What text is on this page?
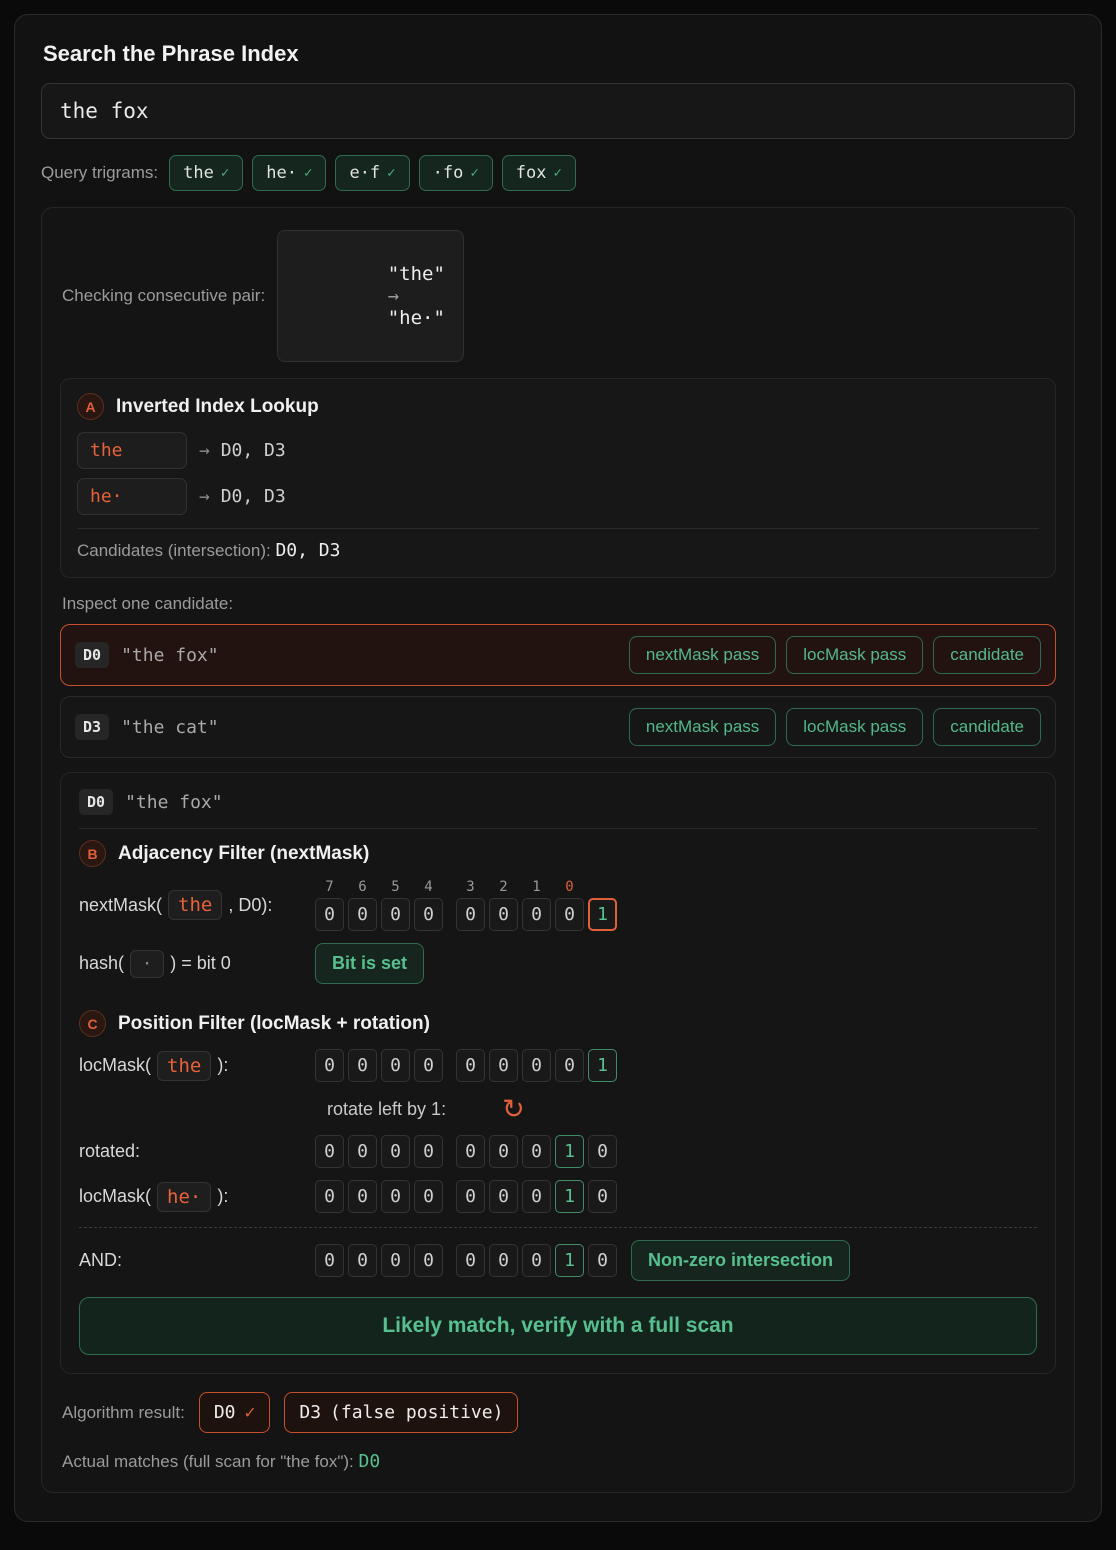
Search the Phrase Index
the fox
Query trigrams: the ✓ he· ✓ e·f ✓ ·fo ✓ fox ✓
Checking consecutive pair:

"the"
→
"he·"

A	Inverted Index Lookup
the	→ D0, D3
he·	→ D0, D3
Candidates (intersection): D0, D3
Inspect one candidate:
D0	"the fox"	nextMask pass	locMask pass	candidate
D3	"the cat"	nextMask pass	locMask pass	candidate
D0	"the fox"
B	Adjacency Filter (nextMask)
nextMask( the , D0):
7	6	5	4	3	2	1	0
0	0	0	0	0	0	0	0	1
hash(	·	) = bit 0	Bit is set
C	Position Filter (locMask + rotation)
locMask( the ):	0	0	0	0	0	0	0	0	1
rotate left by 1: ↻
rotated:	0	0	0	0	0	0	0	1	0
locMask( he· ):	0	0	0	0	0	0	0	1	0
AND:	0	0	0	0	0	0	0	1	0	Non-zero intersection
Likely match, verify with a full scan
Algorithm result: D0 ✓ D3 (false positive)
Actual matches (full scan for "the fox"): D0
